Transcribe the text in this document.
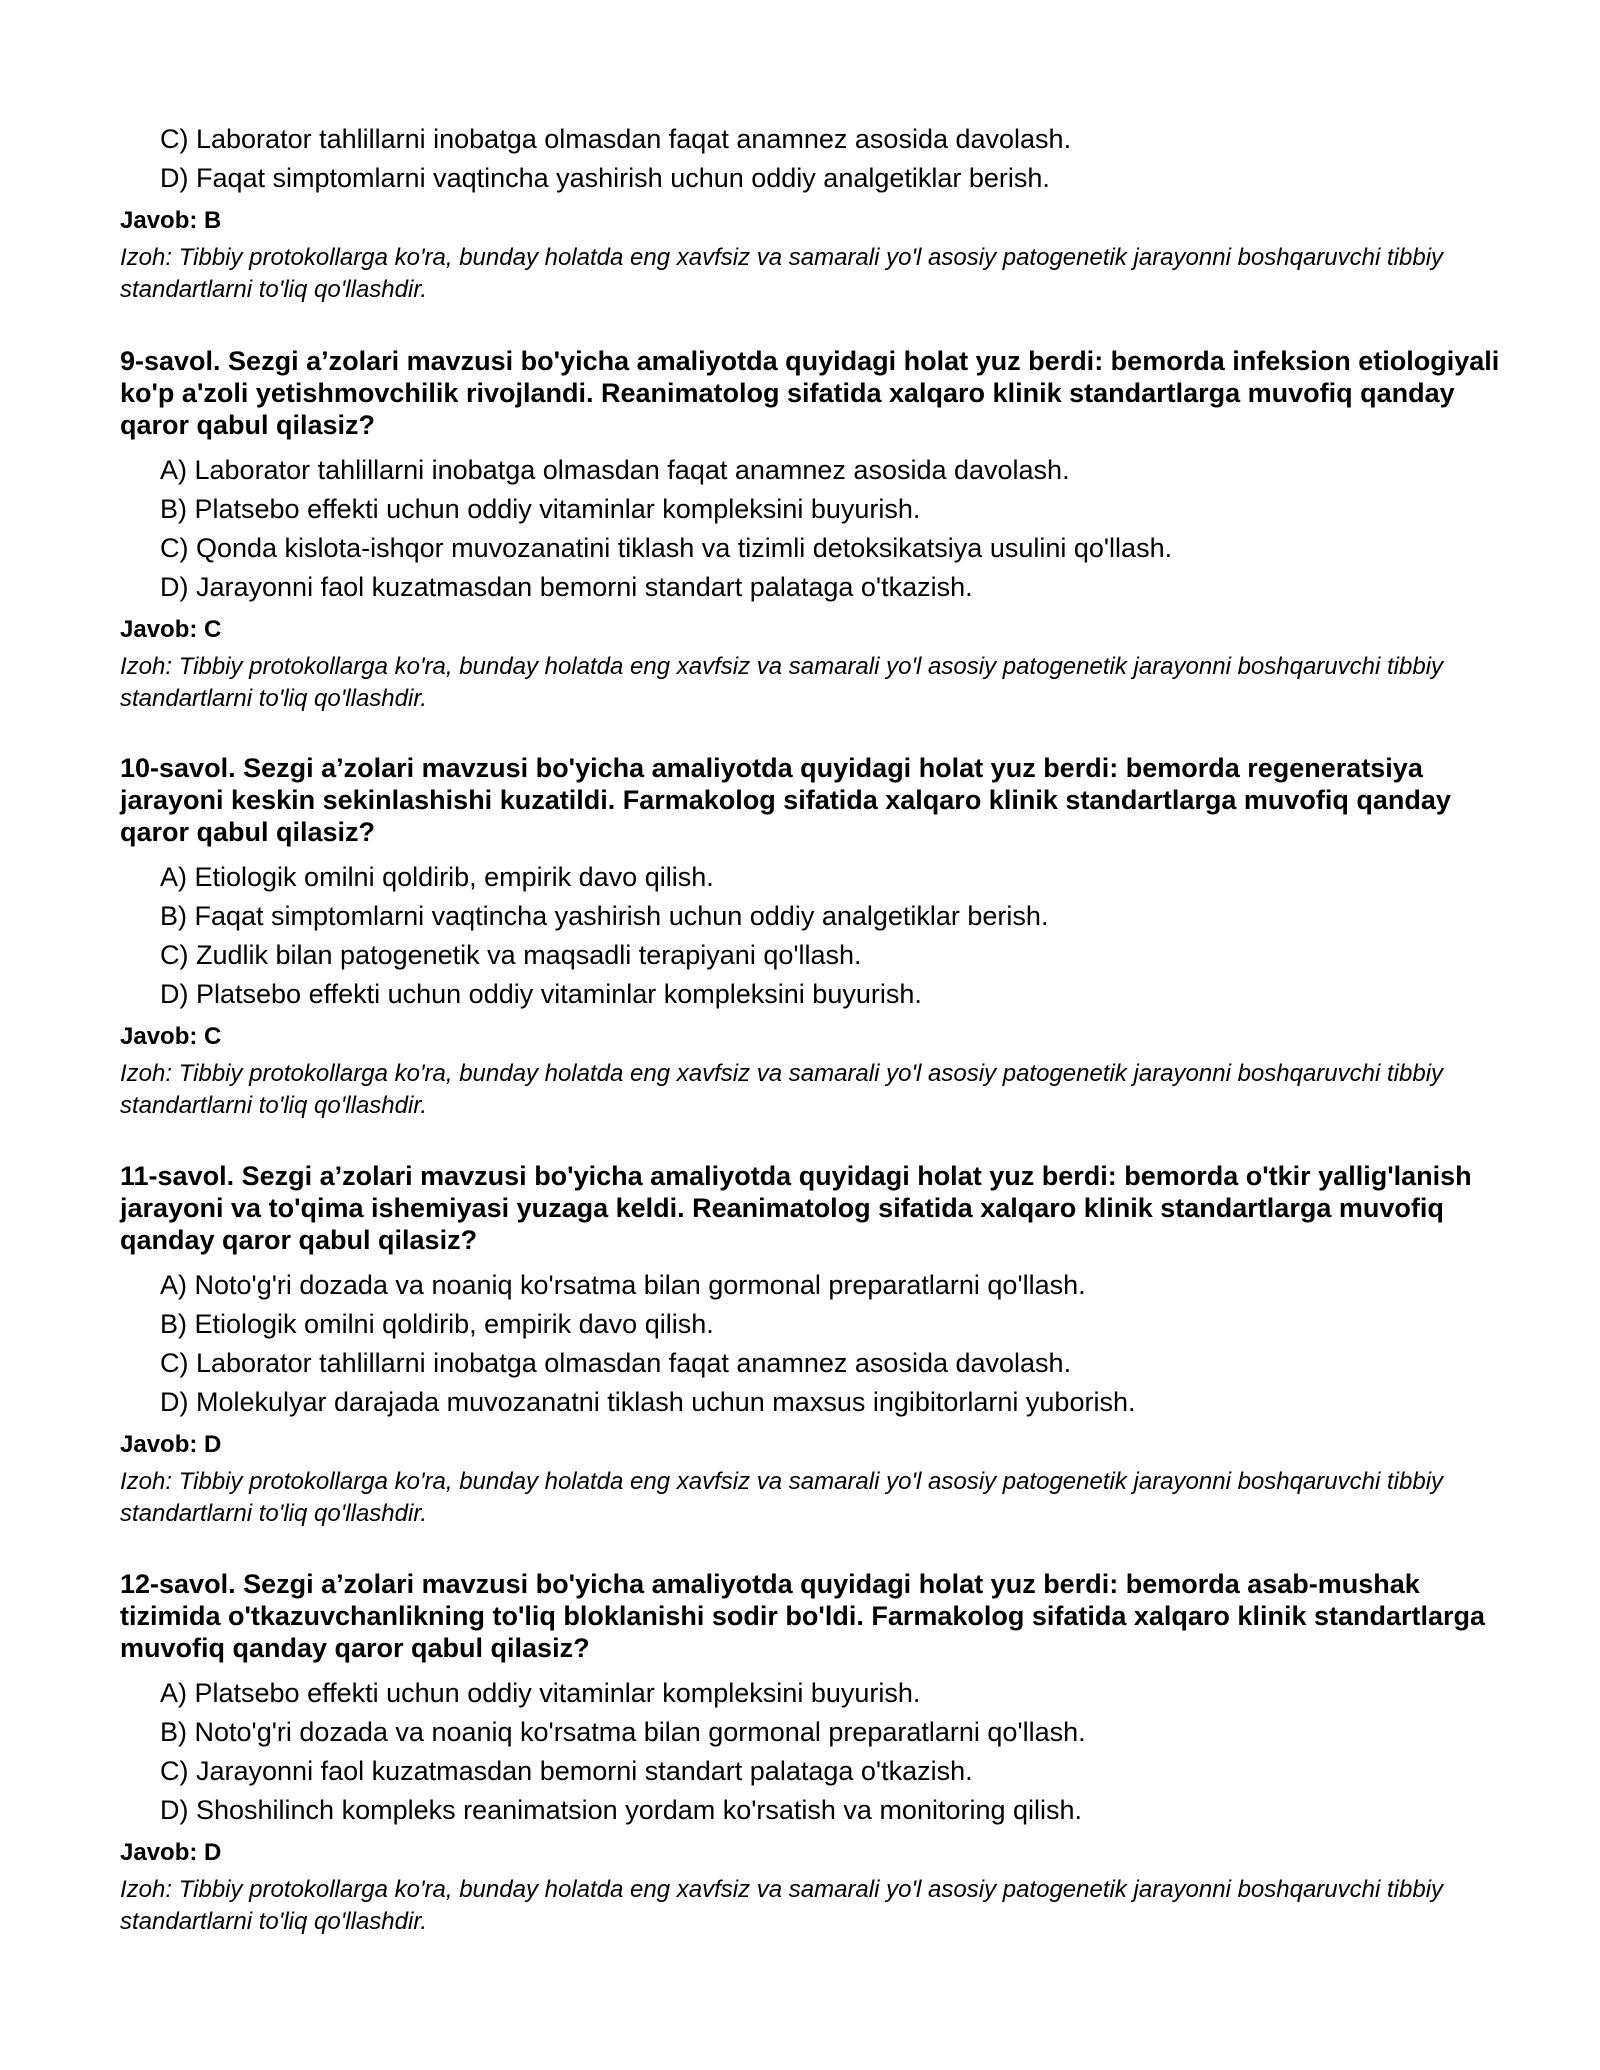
C) Laborator tahlillarni inobatga olmasdan faqat anamnez asosida davolash.
D) Faqat simptomlarni vaqtincha yashirish uchun oddiy analgetiklar berish.
Javob: B

Izoh: Tibbiy protokollarga ko'ra, bunday holatda eng xavfsiz va samarali yo'l asosiy patogenetik jarayonni boshqaruvchi tibbiy standartlarni to'liq qo'llashdir.

9-savol. Sezgi a’zolari mavzusi bo'yicha amaliyotda quyidagi holat yuz berdi: bemorda infeksion etiologiyali ko'p a'zoli yetishmovchilik rivojlandi. Reanimatolog sifatida xalqaro klinik standartlarga muvofiq qanday qaror qabul qilasiz?
A) Laborator tahlillarni inobatga olmasdan faqat anamnez asosida davolash.
B) Platsebo effekti uchun oddiy vitaminlar kompleksini buyurish.
C) Qonda kislota-ishqor muvozanatini tiklash va tizimli detoksikatsiya usulini qo'llash.
D) Jarayonni faol kuzatmasdan bemorni standart palataga o'tkazish.
Javob: C

Izoh: Tibbiy protokollarga ko'ra, bunday holatda eng xavfsiz va samarali yo'l asosiy patogenetik jarayonni boshqaruvchi tibbiy standartlarni to'liq qo'llashdir.

10-savol. Sezgi a’zolari mavzusi bo'yicha amaliyotda quyidagi holat yuz berdi: bemorda regeneratsiya jarayoni keskin sekinlashishi kuzatildi. Farmakolog sifatida xalqaro klinik standartlarga muvofiq qanday qaror qabul qilasiz?
A) Etiologik omilni qoldirib, empirik davo qilish.
B) Faqat simptomlarni vaqtincha yashirish uchun oddiy analgetiklar berish.
C) Zudlik bilan patogenetik va maqsadli terapiyani qo'llash.
D) Platsebo effekti uchun oddiy vitaminlar kompleksini buyurish.
Javob: C

Izoh: Tibbiy protokollarga ko'ra, bunday holatda eng xavfsiz va samarali yo'l asosiy patogenetik jarayonni boshqaruvchi tibbiy standartlarni to'liq qo'llashdir.

11-savol. Sezgi a’zolari mavzusi bo'yicha amaliyotda quyidagi holat yuz berdi: bemorda o'tkir yallig'lanish jarayoni va to'qima ishemiyasi yuzaga keldi. Reanimatolog sifatida xalqaro klinik standartlarga muvofiq qanday qaror qabul qilasiz?
A) Noto'g'ri dozada va noaniq ko'rsatma bilan gormonal preparatlarni qo'llash.
B) Etiologik omilni qoldirib, empirik davo qilish.
C) Laborator tahlillarni inobatga olmasdan faqat anamnez asosida davolash.
D) Molekulyar darajada muvozanatni tiklash uchun maxsus ingibitorlarni yuborish.
Javob: D

Izoh: Tibbiy protokollarga ko'ra, bunday holatda eng xavfsiz va samarali yo'l asosiy patogenetik jarayonni boshqaruvchi tibbiy standartlarni to'liq qo'llashdir.

12-savol. Sezgi a’zolari mavzusi bo'yicha amaliyotda quyidagi holat yuz berdi: bemorda asab-mushak tizimida o'tkazuvchanlikning to'liq bloklanishi sodir bo'ldi. Farmakolog sifatida xalqaro klinik standartlarga muvofiq qanday qaror qabul qilasiz?
A) Platsebo effekti uchun oddiy vitaminlar kompleksini buyurish.
B) Noto'g'ri dozada va noaniq ko'rsatma bilan gormonal preparatlarni qo'llash.
C) Jarayonni faol kuzatmasdan bemorni standart palataga o'tkazish.
D) Shoshilinch kompleks reanimatsion yordam ko'rsatish va monitoring qilish.
Javob: D

Izoh: Tibbiy protokollarga ko'ra, bunday holatda eng xavfsiz va samarali yo'l asosiy patogenetik jarayonni boshqaruvchi tibbiy standartlarni to'liq qo'llashdir.
